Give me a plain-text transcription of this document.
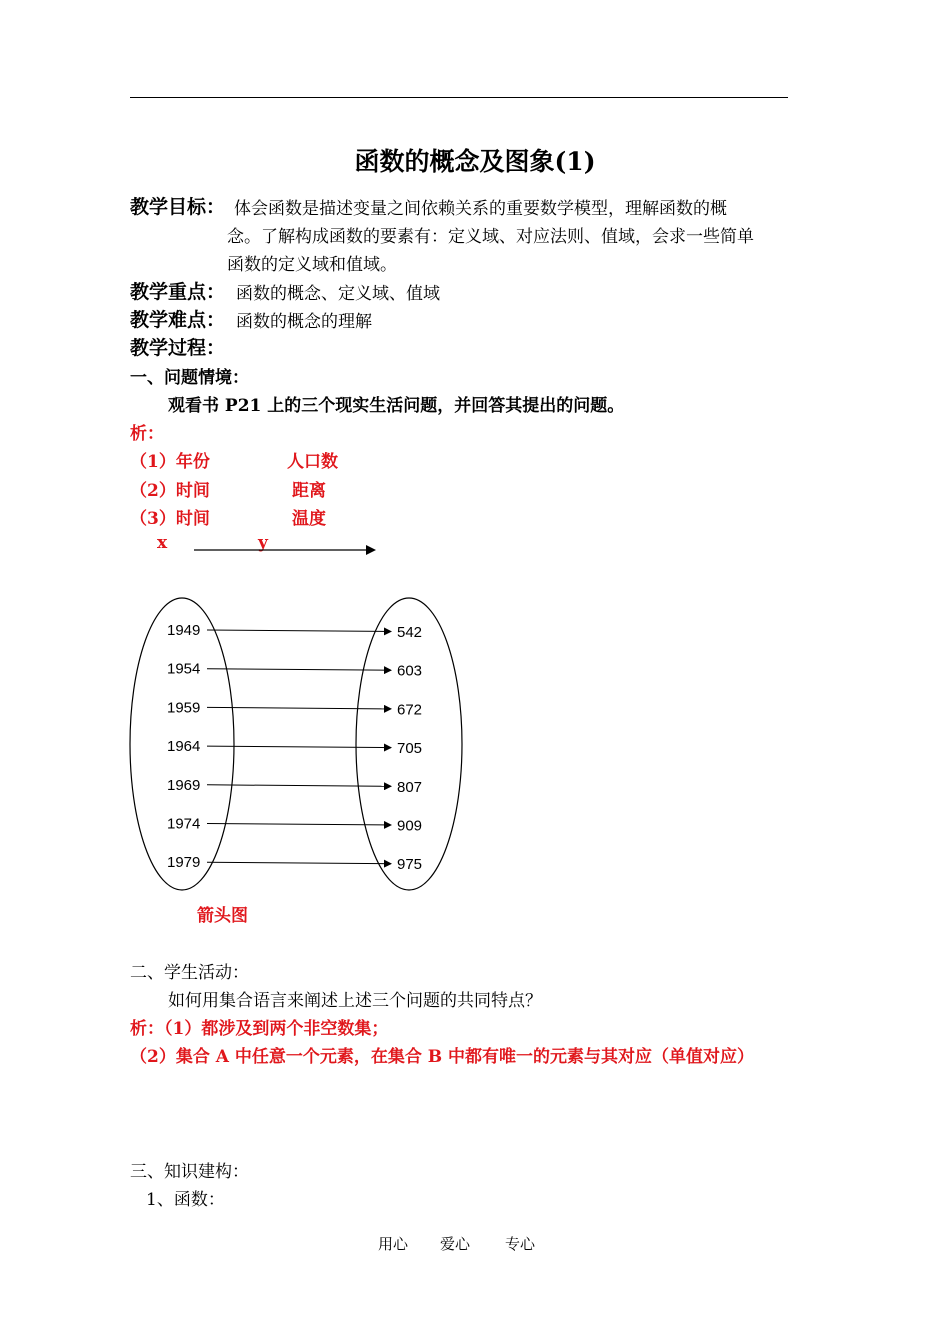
函数的概念及图象(1)
教学目标： 体会函数是描述变量之间依赖关系的重要数学模型，理解函数的概
念。了解构成函数的要素有：定义域、对应法则、值域，会求一些简单
函数的定义域和值域。
教学重点： 函数的概念、定义域、值域
教学难点： 函数的概念的理解
教学过程：
一、问题情境：
观看书 P21 上的三个现实生活问题，并回答其提出的问题。
析：
（1）年份	人口数
（2）时间	距离
（3）时间	温度
x	y
1949	542
1954	603
1959	672
1964	705
1969	807
1974	909
1979	975
箭头图
二、学生活动：
如何用集合语言来阐述上述三个问题的共同特点？
析：（1）都涉及到两个非空数集；
（2）集合 A 中任意一个元素，在集合 B 中都有唯一的元素与其对应（单值对应）
三、知识建构：
1、函数：
用心 爱心 专心
